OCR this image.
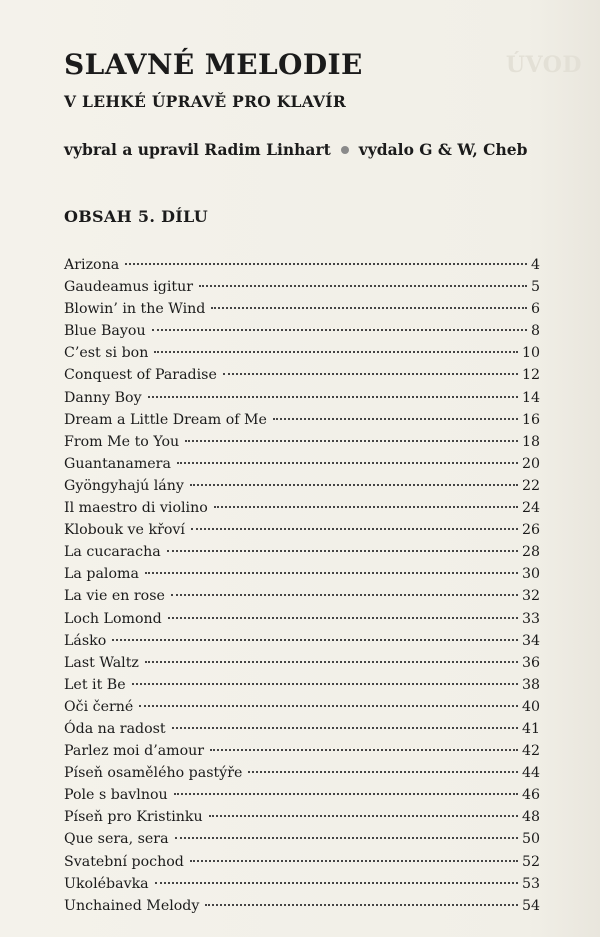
ÚVOD
SLAVNÉ MELODIE
V LEHKÉ ÚPRAVĚ PRO KLAVÍR
vybral a upravil Radim Linhart vydalo G & W, Cheb
OBSAH 5. DÍLU
Arizona	4
Gaudeamus igitur	5
Blowin’ in the Wind	6
Blue Bayou	8
C’est si bon	10
Conquest of Paradise	12
Danny Boy	14
Dream a Little Dream of Me	16
From Me to You	18
Guantanamera	20
Gyöngyhajú lány	22
Il maestro di violino	24
Klobouk ve křoví	26
La cucaracha	28
La paloma	30
La vie en rose	32
Loch Lomond	33
Lásko	34
Last Waltz	36
Let it Be	38
Oči černé	40
Óda na radost	41
Parlez moi d’amour	42
Píseň osamělého pastýře	44
Pole s bavlnou	46
Píseň pro Kristinku	48
Que sera, sera	50
Svatební pochod	52
Ukolébavka	53
Unchained Melody	54
